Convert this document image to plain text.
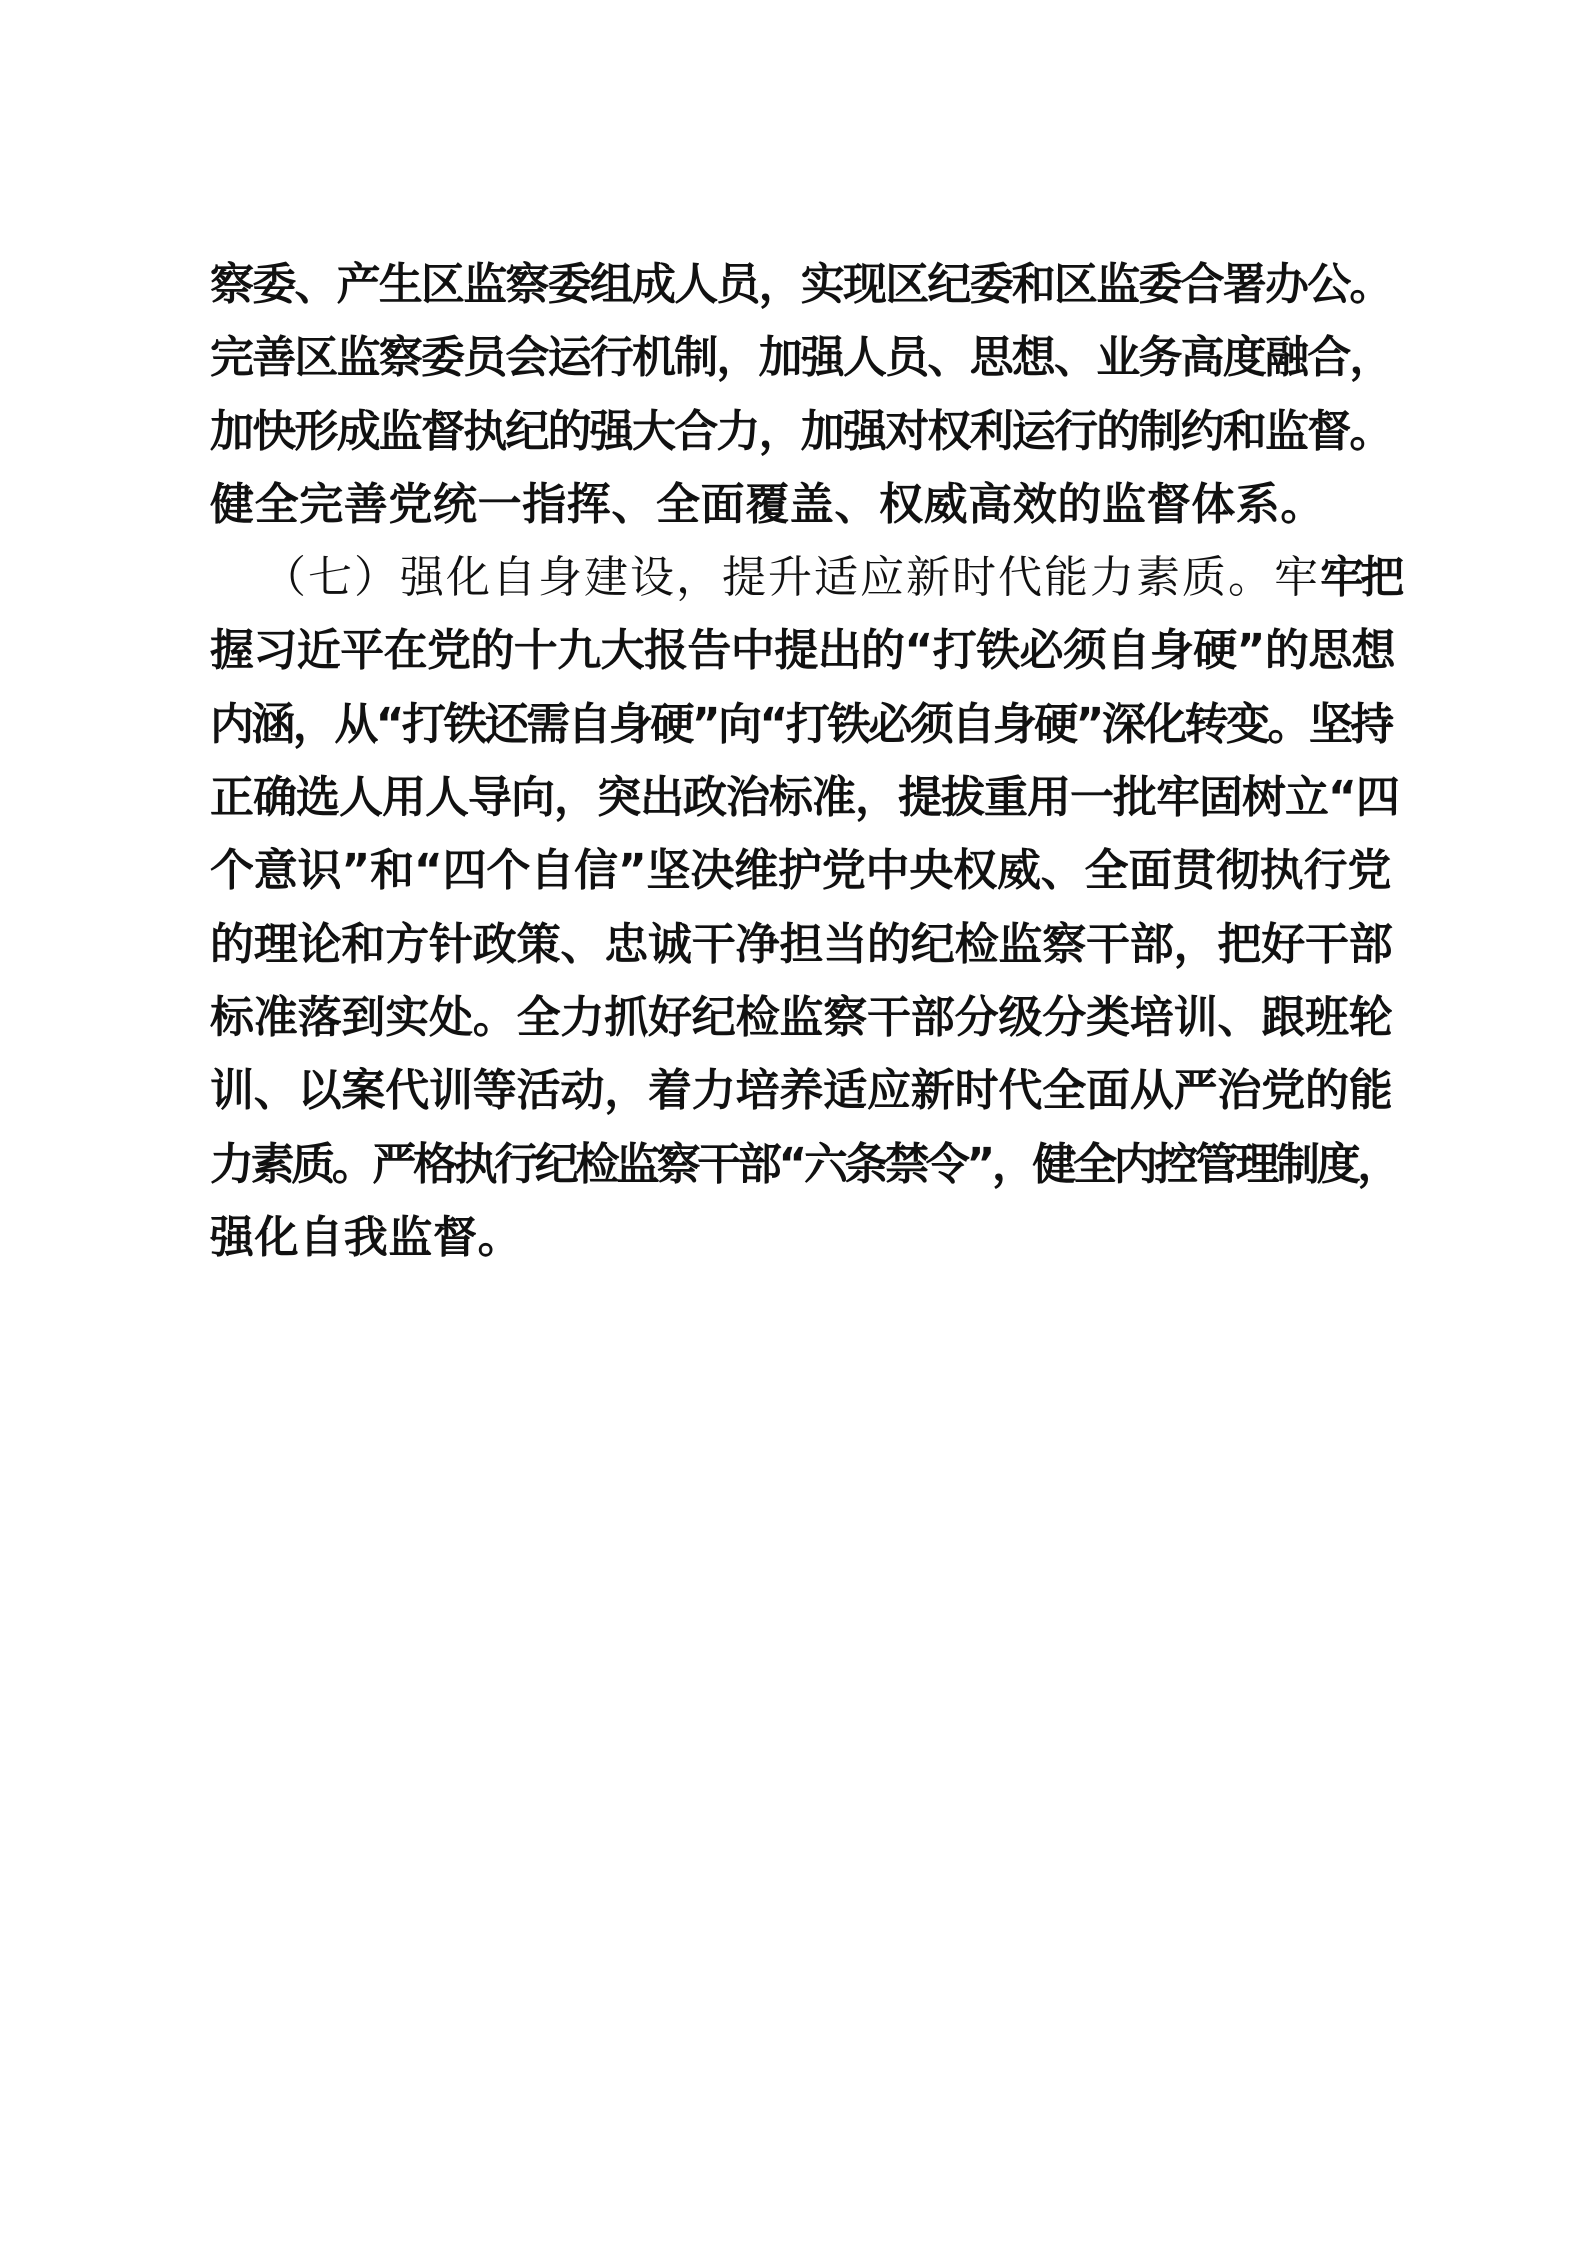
察委、产生区监察委组成人员，实现区纪委和区监委合署办公。
完善区监察委员会运行机制，加强人员、思想、业务高度融合，
加快形成监督执纪的强大合力，加强对权利运行的制约和监督。
健全完善党统一指挥、全面覆盖、权威高效的监督体系。
（七）强化自身建设，提升适应新时代能力素质。牢牢把
握习近平在党的十九大报告中提出的“打铁必须自身硬”的思想
内涵，从“打铁还需自身硬”向“打铁必须自身硬”深化转变。坚持
正确选人用人导向，突出政治标准，提拔重用一批牢固树立“四
个意识”和“四个自信”坚决维护党中央权威、全面贯彻执行党
的理论和方针政策、忠诚干净担当的纪检监察干部，把好干部
标准落到实处。全力抓好纪检监察干部分级分类培训、跟班轮
训、以案代训等活动，着力培养适应新时代全面从严治党的能
力素质。严格执行纪检监察干部“六条禁令”，健全内控管理制度，
强化自我监督。
